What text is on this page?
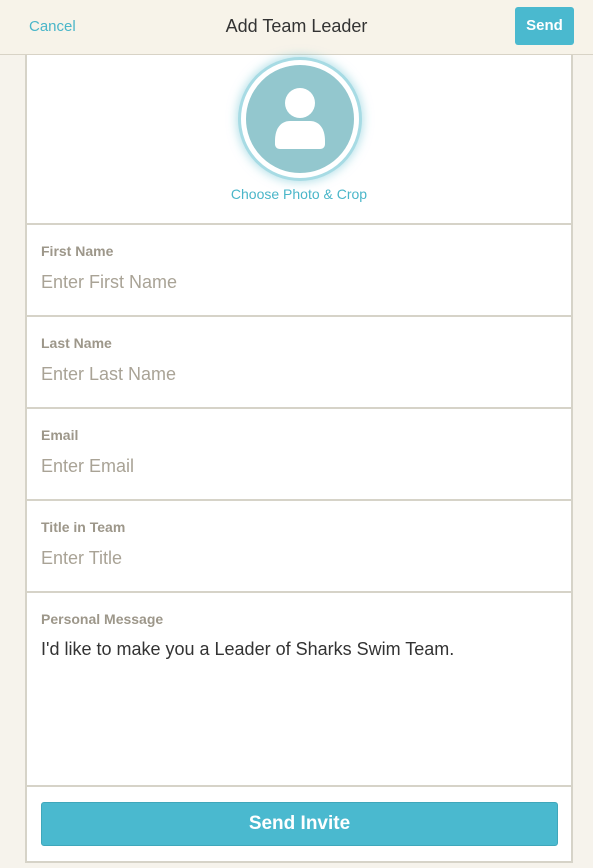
Cancel	Add Team Leader	Send
Choose Photo & Crop
First Name
Enter First Name
Last Name
Enter Last Name
Email
Enter Email
Title in Team
Enter Title
Personal Message
I'd like to make you a Leader of Sharks Swim Team.
Send Invite
